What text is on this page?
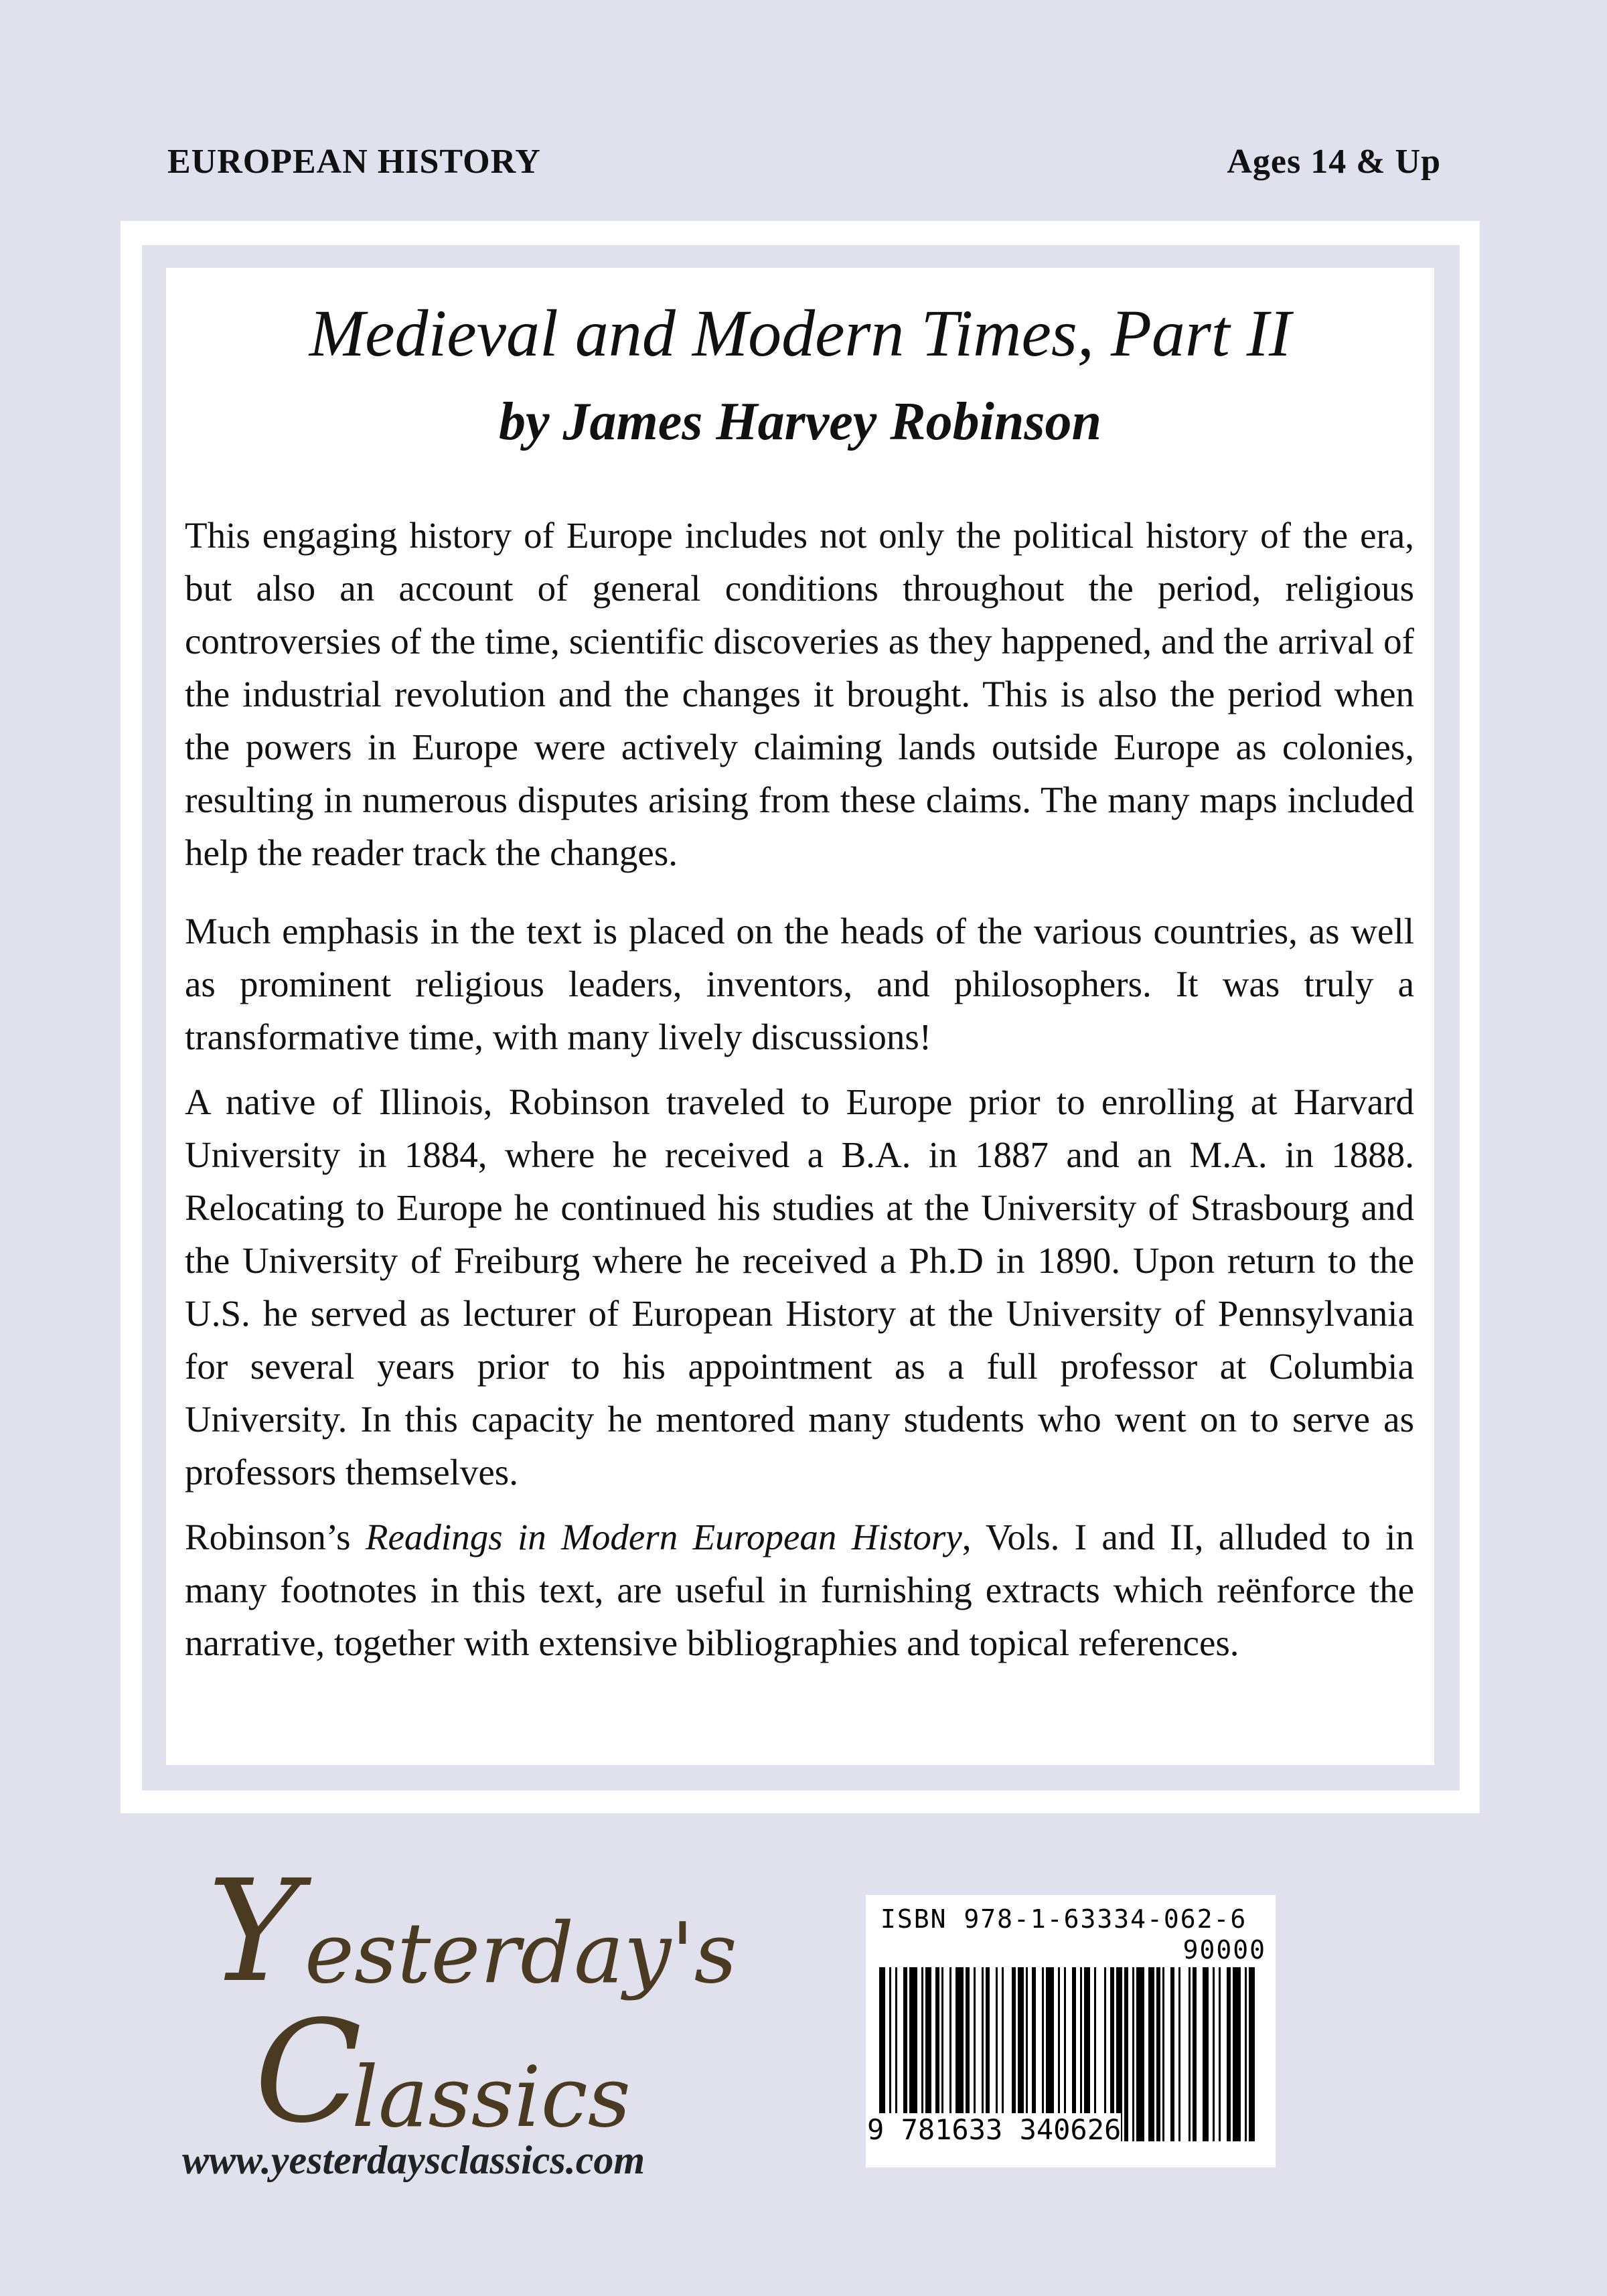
EUROPEAN HISTORY	Ages 14 & Up
Medieval and Modern Times, Part II
by James Harvey Robinson

This engaging history of Europe includes not only the political history of the era, but also an account of general conditions throughout the period, religious controversies of the time, scientific discoveries as they happened, and the arrival of the industrial revolution and the changes it brought. This is also the period when the powers in Europe were actively claiming lands outside Europe as colonies, resulting in numerous disputes arising from these claims. The many maps included help the reader track the changes.

Much emphasis in the text is placed on the heads of the various countries, as well as prominent religious leaders, inventors, and philosophers. It was truly a transformative time, with many lively discussions!

A native of Illinois, Robinson traveled to Europe prior to enrolling at Harvard University in 1884, where he received a B.A. in 1887 and an M.A. in 1888. Relocating to Europe he continued his studies at the University of Strasbourg and the University of Freiburg where he received a Ph.D in 1890. Upon return to the U.S. he served as lecturer of European History at the University of Pennsylvania for several years prior to his appointment as a full professor at Columbia University. In this capacity he mentored many students who went on to serve as professors themselves.

Robinson’s Readings in Modern European History, Vols. I and II, alluded to in many footnotes in this text, are useful in furnishing extracts which reënforce the narrative, together with extensive bibliographies and topical references.

Y esterday's
C
lassics
www.yesterdaysclassics.com
ISBN 978-1-63334-062-6
90000
9 781633 340626
